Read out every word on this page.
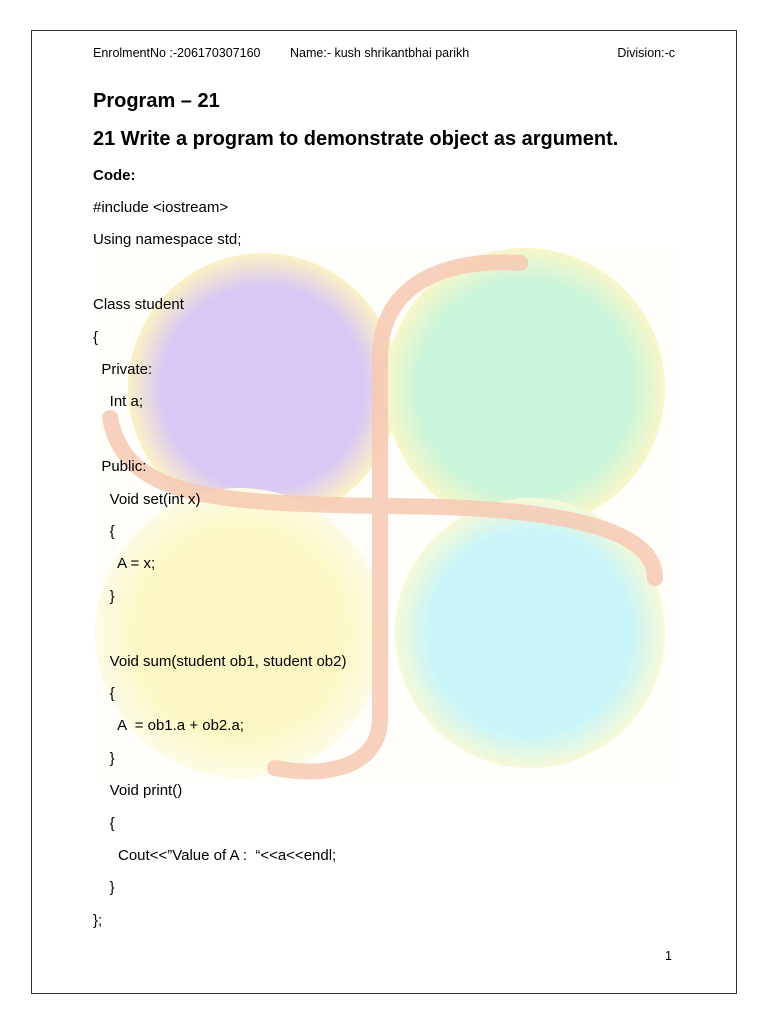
EnrolmentNo :-206170307160 Name:- kush shrikantbhai parikh	Division:-c
Program – 21
21 Write a program to demonstrate object as argument.
Code:
#include <iostream>
Using namespace std;
Class student
{
Private:
Int a;
Public:
Void set(int x)
{
A = x;
}
Void sum(student ob1, student ob2)
{
A  = ob1.a + ob2.a;
}
Void print()
{
Cout<<”Value of A :  “<<a<<endl;
}
};
1
